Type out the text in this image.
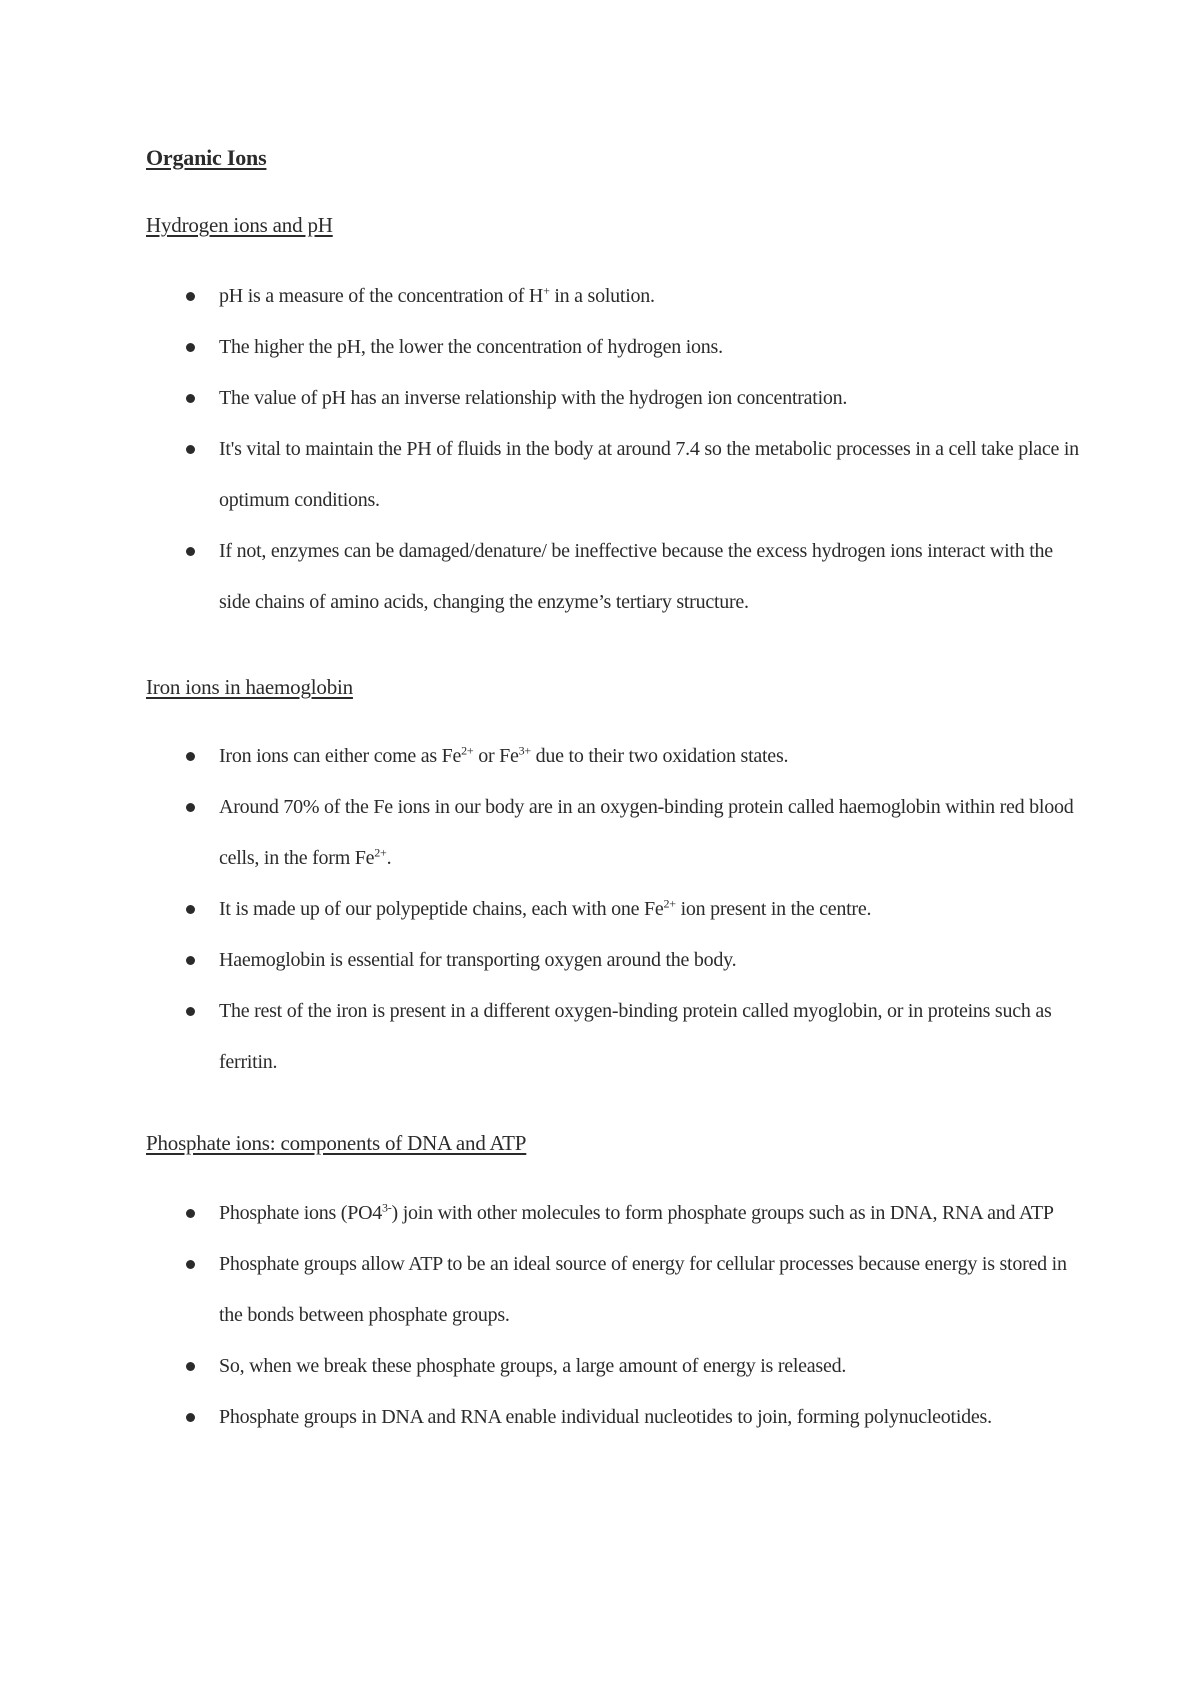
Organic Ions
Hydrogen ions and pH
pH is a measure of the concentration of H+ in a solution.
The higher the pH, the lower the concentration of hydrogen ions.
The value of pH has an inverse relationship with the hydrogen ion concentration.
It's vital to maintain the PH of fluids in the body at around 7.4 so the metabolic processes in a cell take place in optimum conditions.
If not, enzymes can be damaged/denature/ be ineffective because the excess hydrogen ions interact with the side chains of amino acids, changing the enzyme’s tertiary structure.
Iron ions in haemoglobin
Iron ions can either come as $Fe^{2+}$ or $Fe^{3+}$ due to their two oxidation states.
Around 70% of the Fe ions in our body are in an oxygen-binding protein called haemoglobin within red blood cells, in the form $Fe^{2+}$.
It is made up of our polypeptide chains, each with one $Fe^{2+}$ ion present in the centre.
Haemoglobin is essential for transporting oxygen around the body.
The rest of the iron is present in a different oxygen-binding protein called myoglobin, or in proteins such as ferritin.
Phosphate ions: components of DNA and ATP
Phosphate ions $(PO4^{3-})$ join with other molecules to form phosphate groups such as in DNA, RNA and ATP
Phosphate groups allow ATP to be an ideal source of energy for cellular processes because energy is stored in the bonds between phosphate groups.
So, when we break these phosphate groups, a large amount of energy is released.
Phosphate groups in DNA and RNA enable individual nucleotides to join, forming polynucleotides.
